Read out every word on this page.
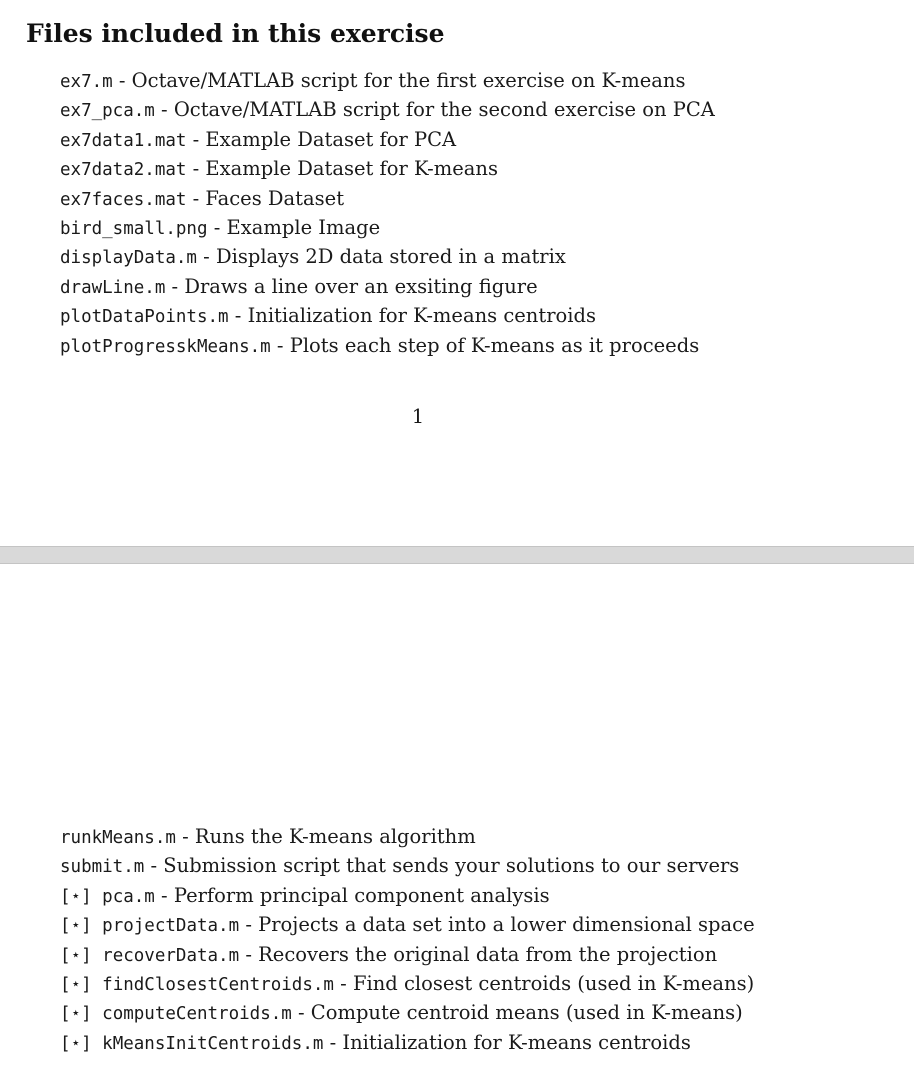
Files included in this exercise
ex7.m - Octave/MATLAB script for the first exercise on K-means
ex7_pca.m - Octave/MATLAB script for the second exercise on PCA
ex7data1.mat - Example Dataset for PCA
ex7data2.mat - Example Dataset for K-means
ex7faces.mat - Faces Dataset
bird_small.png - Example Image
displayData.m - Displays 2D data stored in a matrix
drawLine.m - Draws a line over an exsiting figure
plotDataPoints.m - Initialization for K-means centroids
plotProgresskMeans.m - Plots each step of K-means as it proceeds
1
runkMeans.m - Runs the K-means algorithm
submit.m - Submission script that sends your solutions to our servers
[⋆] pca.m - Perform principal component analysis
[⋆] projectData.m - Projects a data set into a lower dimensional space
[⋆] recoverData.m - Recovers the original data from the projection
[⋆] findClosestCentroids.m - Find closest centroids (used in K-means)
[⋆] computeCentroids.m - Compute centroid means (used in K-means)
[⋆] kMeansInitCentroids.m - Initialization for K-means centroids
